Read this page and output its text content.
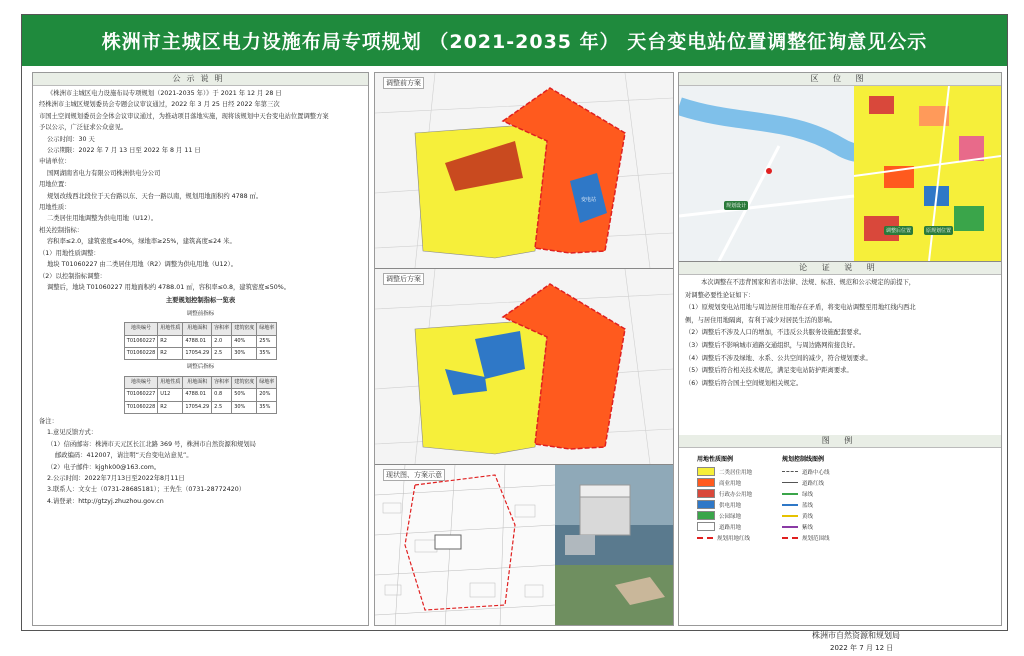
株洲市主城区电力设施布局专项规划 （2021-2035 年） 天台变电站位置调整征询意见公示
公示说明

《株洲市主城区电力设施布局专项规划（2021-2035 年）》于 2021 年 12 月 28 日

经株洲市主城区规划委员会专题会议审议通过，2022 年 3 月 25 日经 2022 年第三次

市国土空间规划委员会全体会议审议通过，为推动项目落地实施，现将该规划中天台变电站位置调整方案

予以公示，广泛征求公众意见。

公示时间：30 天

公示期限：2022 年 7 月 13 日至 2022 年 8 月 11 日

申请单位：

国网湖南省电力有限公司株洲供电分公司

用地位置：

规划改线西北段位于天台路以东、天台一路以南，规划用地面积约 4788 ㎡。

用地性质：

二类居住用地调整为供电用地（U12）。

相关控制指标：

容积率≤2.0，建筑密度≤40%，绿地率≥25%，建筑高度≤24 米。

（1）用地性质调整：

地块 T01060227 由二类居住用地（R2）调整为供电用地（U12）。

（2）以控制指标调整：

调整后，地块 T01060227 用地面积约 4788.01 ㎡，容积率≤0.8，建筑密度≤50%。

主要规划控制指标一览表
调整前指标
地块编号	用地性质	用地面积	容积率	建筑密度	绿地率
T01060227	R2	4788.01	2.0	40%	25%
T01060228	R2	17054.29	2.5	30%	35%
调整后指标
地块编号	用地性质	用地面积	容积率	建筑密度	绿地率
T01060227	U12	4788.01	0.8	50%	20%
T01060228	R2	17054.29	2.5	30%	35%

备注：

1.意见反馈方式：

（1）信函邮寄：株洲市天元区长江北路 369 号，株洲市自然资源和规划局

邮政编码：412007，请注明“天台变电站意见”。

（2）电子邮件：kjghk00@163.com。

2.公示时间：2022年7月13日至2022年8月11日

3.联系人：文女士（0731-28685181）；王先生（0731-28772420）

4.请登录：http://gtzyj.zhuzhou.gov.cn

调整前方案
变电站
调整后方案
现状图、方案示意
区 位 图
规划设计
调整后位置	原规划位置
论 证 说 明

本次调整在不违背国家和省市法律、法规、标准、规范和公示规定的前提下，

对调整必要性论证如下：

（1）原规划变电站用地与周边居住用地存在矛盾，将变电站调整至用地红线内西北

侧，与居住用地隔离，有利于减少对居民生活的影响。

（2）调整后不涉及人口的增加，不违反公共服务设施配套要求。

（3）调整后不影响城市道路交通组织，与周边路网衔接良好。

（4）调整后不涉及绿地、水系、公共空间的减少，符合规划要求。

（5）调整后符合相关技术规范，满足变电站防护距离要求。

（6）调整后符合国土空间规划相关规定。

图 例
用地性质图例
二类居住用地
商业用地
行政办公用地
供电用地
公园绿地
道路用地
规划用地红线
规划控制线图例
道路中心线
道路红线
绿线
蓝线
黄线
紫线
规划范围线
株洲市自然资源和规划局
2022 年 7 月 12 日
